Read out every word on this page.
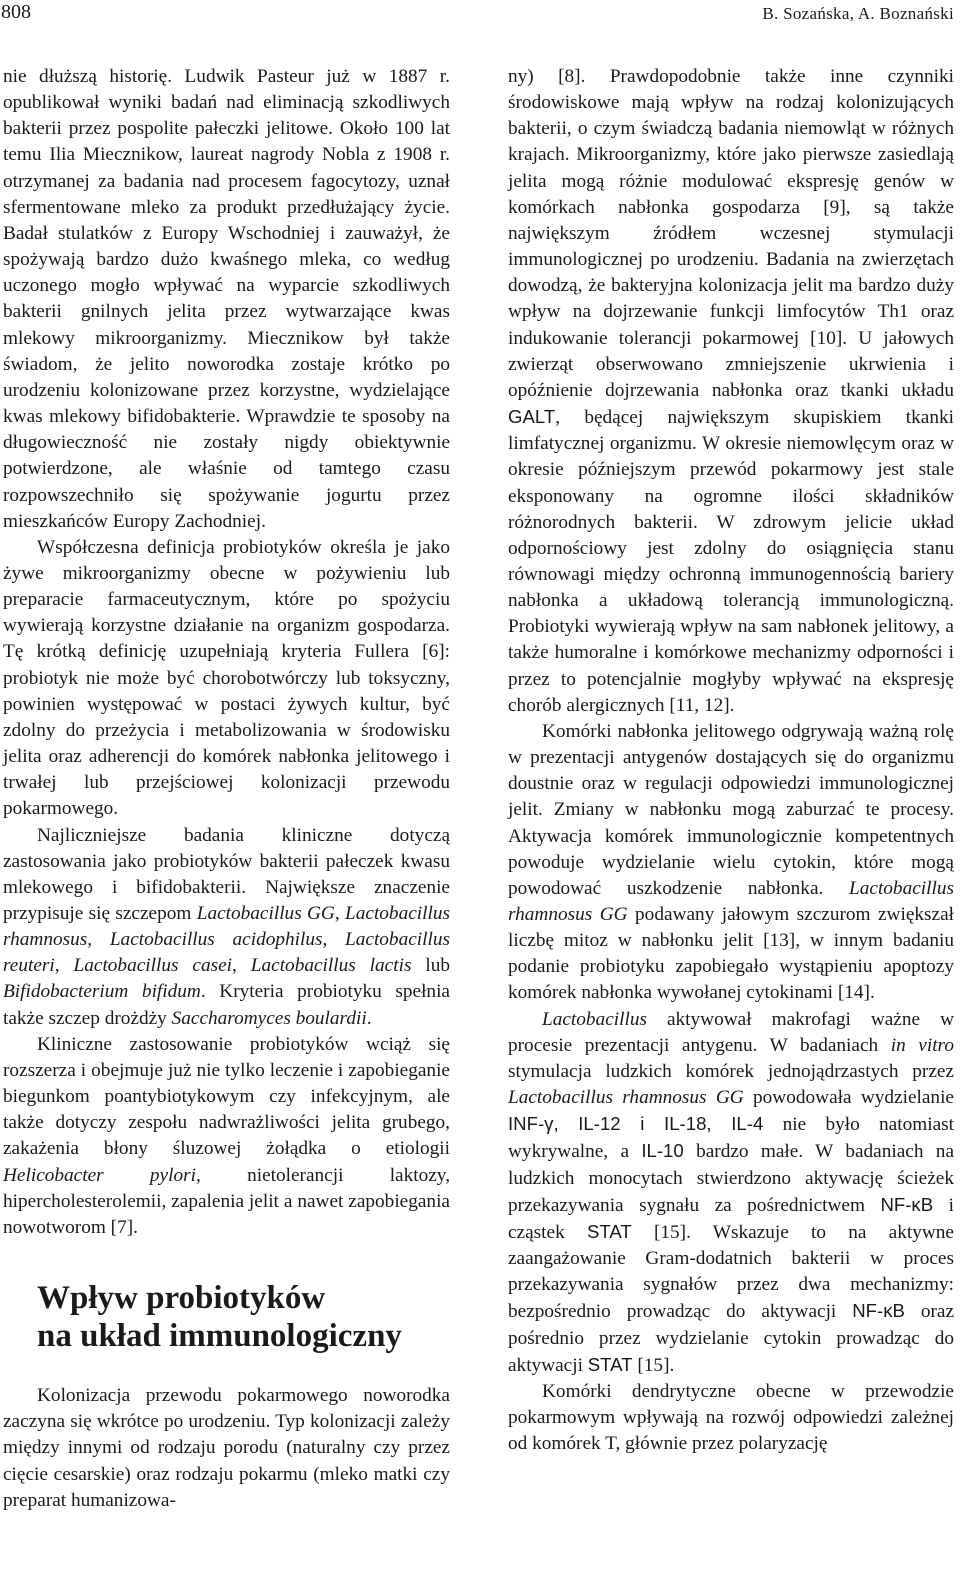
808	B. Sozańska, A. Boznański

nie dłuższą historię. Ludwik Pasteur już w 1887 r. opublikował wyniki badań nad eliminacją szkodliwych bakterii przez pospolite pałeczki jelitowe. Około 100 lat temu Ilia Miecznikow, laureat nagrody Nobla z 1908 r. otrzymanej za badania nad procesem fagocytozy, uznał sfermentowane mleko za produkt przedłużający życie. Badał stulatków z Europy Wschodniej i zauważył, że spożywają bardzo dużo kwaśnego mleka, co według uczonego mogło wpływać na wyparcie szkodliwych bakterii gnilnych jelita przez wytwarzające kwas mlekowy mikroorganizmy. Miecznikow był także świadom, że jelito noworodka zostaje krótko po urodzeniu kolonizowane przez korzystne, wydzielające kwas mlekowy bifidobakterie. Wprawdzie te sposoby na długowieczność nie zostały nigdy obiektywnie potwierdzone, ale właśnie od tamtego czasu rozpowszechniło się spożywanie jogurtu przez mieszkańców Europy Zachodniej.

Współczesna definicja probiotyków określa je jako żywe mikroorganizmy obecne w pożywieniu lub preparacie farmaceutycznym, które po spożyciu wywierają korzystne działanie na organizm gospodarza. Tę krótką definicję uzupełniają kryteria Fullera [6]: probiotyk nie może być chorobotwórczy lub toksyczny, powinien występować w postaci żywych kultur, być zdolny do przeżycia i metabolizowania w środowisku jelita oraz adherencji do komórek nabłonka jelitowego i trwałej lub przejściowej kolonizacji przewodu pokarmowego.

Najliczniejsze badania kliniczne dotyczą zastosowania jako probiotyków bakterii pałeczek kwasu mlekowego i bifidobakterii. Największe znaczenie przypisuje się szczepom Lactobacillus GG, Lactobacillus rhamnosus, Lactobacillus acidophilus, Lactobacillus reuteri, Lactobacillus casei, Lactobacillus lactis lub Bifidobacterium bifidum. Kryteria probiotyku spełnia także szczep drożdży Saccharomyces boulardii.

Kliniczne zastosowanie probiotyków wciąż się rozszerza i obejmuje już nie tylko leczenie i zapobieganie biegunkom poantybiotykowym czy infekcyjnym, ale także dotyczy zespołu nadwrażliwości jelita grubego, zakażenia błony śluzowej żołądka o etiologii Helicobacter pylori, nietolerancji laktozy, hipercholesterolemii, zapalenia jelit a nawet zapobiegania nowotworom [7].

Wpływ probiotyków
na układ immunologiczny

Kolonizacja przewodu pokarmowego noworodka zaczyna się wkrótce po urodzeniu. Typ kolonizacji zależy między innymi od rodzaju porodu (naturalny czy przez cięcie cesarskie) oraz rodzaju pokarmu (mleko matki czy preparat humanizowa-

ny) [8]. Prawdopodobnie także inne czynniki środowiskowe mają wpływ na rodzaj kolonizujących bakterii, o czym świadczą badania niemowląt w różnych krajach. Mikroorganizmy, które jako pierwsze zasiedlają jelita mogą różnie modulować ekspresję genów w komórkach nabłonka gospodarza [9], są także największym źródłem wczesnej stymulacji immunologicznej po urodzeniu. Badania na zwierzętach dowodzą, że bakteryjna kolonizacja jelit ma bardzo duży wpływ na dojrzewanie funkcji limfocytów Th1 oraz indukowanie tolerancji pokarmowej [10]. U jałowych zwierząt obserwowano zmniejszenie ukrwienia i opóźnienie dojrzewania nabłonka oraz tkanki układu GALT, będącej największym skupiskiem tkanki limfatycznej organizmu. W okresie niemowlęcym oraz w okresie późniejszym przewód pokarmowy jest stale eksponowany na ogromne ilości składników różnorodnych bakterii. W zdrowym jelicie układ odpornościowy jest zdolny do osiągnięcia stanu równowagi między ochronną immunogennością bariery nabłonka a układową tolerancją immunologiczną. Probiotyki wywierają wpływ na sam nabłonek jelitowy, a także humoralne i komórkowe mechanizmy odporności i przez to potencjalnie mogłyby wpływać na ekspresję chorób alergicznych [11, 12].

Komórki nabłonka jelitowego odgrywają ważną rolę w prezentacji antygenów dostających się do organizmu doustnie oraz w regulacji odpowiedzi immunologicznej jelit. Zmiany w nabłonku mogą zaburzać te procesy. Aktywacja komórek immunologicznie kompetentnych powoduje wydzielanie wielu cytokin, które mogą powodować uszkodzenie nabłonka. Lactobacillus rhamnosus GG podawany jałowym szczurom zwiększał liczbę mitoz w nabłonku jelit [13], w innym badaniu podanie probiotyku zapobiegało wystąpieniu apoptozy komórek nabłonka wywołanej cytokinami [14].

Lactobacillus aktywował makrofagi ważne w procesie prezentacji antygenu. W badaniach in vitro stymulacja ludzkich komórek jednojądrzastych przez Lactobacillus rhamnosus GG powodowała wydzielanie INF-γ, IL-12 i IL-18, IL-4 nie było natomiast wykrywalne, a IL-10 bardzo małe. W badaniach na ludzkich monocytach stwierdzono aktywację ścieżek przekazywania sygnału za pośrednictwem NF-κB i cząstek STAT [15]. Wskazuje to na aktywne zaangażowanie Gram-dodatnich bakterii w proces przekazywania sygnałów przez dwa mechanizmy: bezpośrednio prowadząc do aktywacji NF-κB oraz pośrednio przez wydzielanie cytokin prowadząc do aktywacji STAT [15].

Komórki dendrytyczne obecne w przewodzie pokarmowym wpływają na rozwój odpowiedzi zależnej od komórek T, głównie przez polaryzację
